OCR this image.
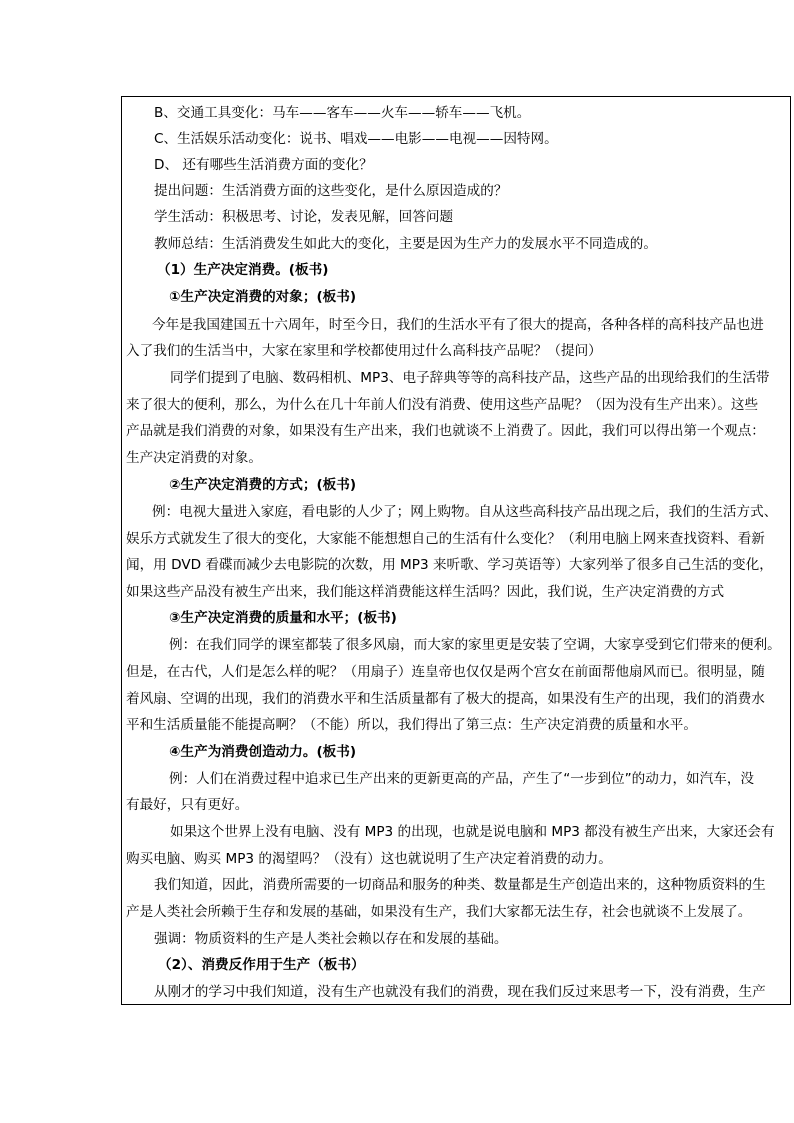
B、交通工具变化：马车——客车——火车——轿车——飞机。
C、生活娱乐活动变化：说书、唱戏——电影——电视——因特网。
D、 还有哪些生活消费方面的变化？
提出问题：生活消费方面的这些变化，是什么原因造成的？
学生活动：积极思考、讨论，发表见解，回答问题
教师总结：生活消费发生如此大的变化，主要是因为生产力的发展水平不同造成的。
（1）生产决定消费。(板书)
①生产决定消费的对象；(板书)
今年是我国建国五十六周年，时至今日，我们的生活水平有了很大的提高，各种各样的高科技产品也进
入了我们的生活当中，大家在家里和学校都使用过什么高科技产品呢？（提问）
同学们提到了电脑、数码相机、MP3、电子辞典等等的高科技产品，这些产品的出现给我们的生活带
来了很大的便利，那么，为什么在几十年前人们没有消费、使用这些产品呢？（因为没有生产出来）。这些
产品就是我们消费的对象，如果没有生产出来，我们也就谈不上消费了。因此，我们可以得出第一个观点：
生产决定消费的对象。
②生产决定消费的方式；(板书)
例：电视大量进入家庭，看电影的人少了；网上购物。自从这些高科技产品出现之后，我们的生活方式、
娱乐方式就发生了很大的变化，大家能不能想想自己的生活有什么变化？（利用电脑上网来查找资料、看新
闻，用 DVD 看碟而减少去电影院的次数，用 MP3 来听歌、学习英语等）大家列举了很多自己生活的变化，
如果这些产品没有被生产出来，我们能这样消费能这样生活吗？因此，我们说，生产决定消费的方式
③生产决定消费的质量和水平；(板书)
例：在我们同学的课室都装了很多风扇，而大家的家里更是安装了空调，大家享受到它们带来的便利。
但是，在古代，人们是怎么样的呢？（用扇子）连皇帝也仅仅是两个宫女在前面帮他扇风而已。很明显，随
着风扇、空调的出现，我们的消费水平和生活质量都有了极大的提高，如果没有生产的出现，我们的消费水
平和生活质量能不能提高啊？（不能）所以，我们得出了第三点：生产决定消费的质量和水平。
④生产为消费创造动力。(板书)
例：人们在消费过程中追求已生产出来的更新更高的产品，产生了“一步到位”的动力，如汽车，没
有最好，只有更好。
如果这个世界上没有电脑、没有 MP3 的出现，也就是说电脑和 MP3 都没有被生产出来，大家还会有
购买电脑、购买 MP3 的渴望吗？（没有）这也就说明了生产决定着消费的动力。
我们知道，因此，消费所需要的一切商品和服务的种类、数量都是生产创造出来的，这种物质资料的生
产是人类社会所赖于生存和发展的基础，如果没有生产，我们大家都无法生存，社会也就谈不上发展了。
强调：物质资料的生产是人类社会赖以存在和发展的基础。
（2）、消费反作用于生产（板书）
从刚才的学习中我们知道，没有生产也就没有我们的消费，现在我们反过来思考一下，没有消费，生产
